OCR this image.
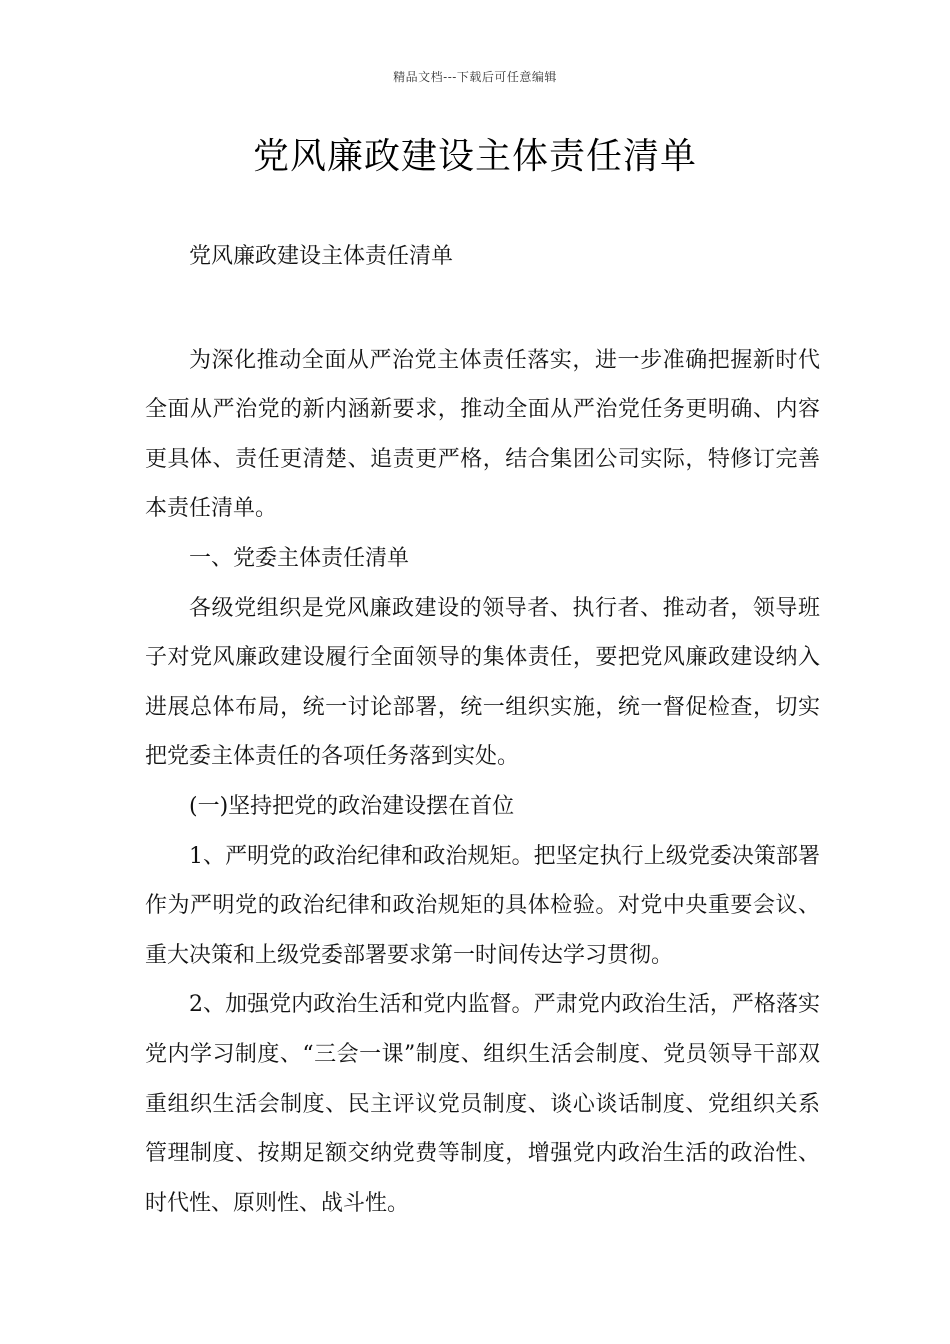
精品文档---下载后可任意编辑
党风廉政建设主体责任清单

党风廉政建设主体责任清单

为深化推动全面从严治党主体责任落实，进一步准确把握新时代全面从严治党的新内涵新要求，推动全面从严治党任务更明确、内容更具体、责任更清楚、追责更严格，结合集团公司实际，特修订完善本责任清单。

一、党委主体责任清单

各级党组织是党风廉政建设的领导者、执行者、推动者，领导班子对党风廉政建设履行全面领导的集体责任，要把党风廉政建设纳入进展总体布局，统一讨论部署，统一组织实施，统一督促检查，切实把党委主体责任的各项任务落到实处。

(一)坚持把党的政治建设摆在首位

1、严明党的政治纪律和政治规矩。把坚定执行上级党委决策部署作为严明党的政治纪律和政治规矩的具体检验。对党中央重要会议、重大决策和上级党委部署要求第一时间传达学习贯彻。

2、加强党内政治生活和党内监督。严肃党内政治生活，严格落实党内学习制度、“三会一课”制度、组织生活会制度、党员领导干部双重组织生活会制度、民主评议党员制度、谈心谈话制度、党组织关系管理制度、按期足额交纳党费等制度，增强党内政治生活的政治性、时代性、原则性、战斗性。
